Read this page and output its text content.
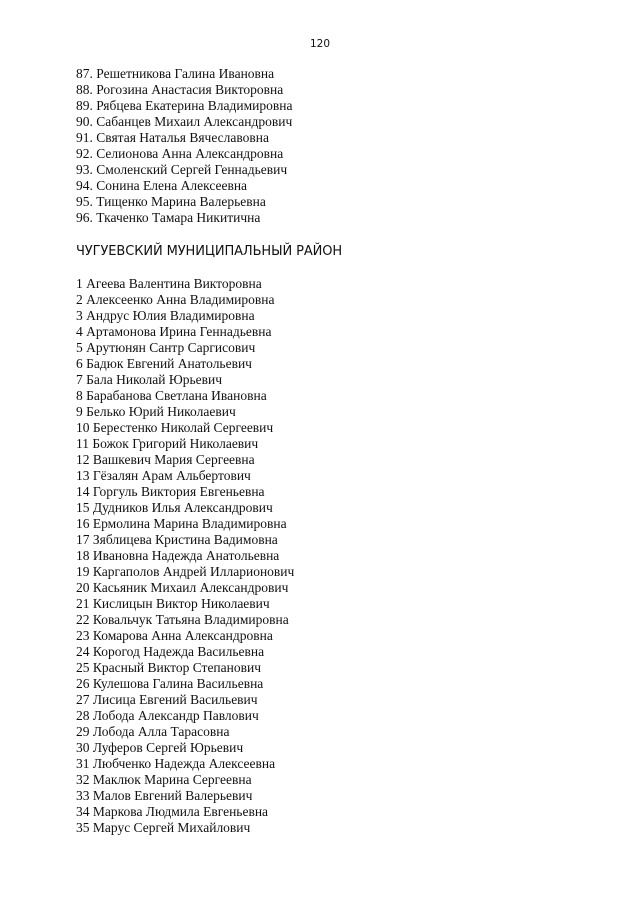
120
87. Решетникова Галина Ивановна
88. Рогозина Анастасия Викторовна
89. Рябцева Екатерина Владимировна
90. Сабанцев Михаил Александрович
91. Святая Наталья Вячеславовна
92. Селионова Анна Александровна
93. Смоленский Сергей Геннадьевич
94. Сонина Елена Алексеевна
95. Тищенко Марина Валерьевна
96. Ткаченко Тамара Никитична
ЧУГУЕВСКИЙ МУНИЦИПАЛЬНЫЙ РАЙОН
1 Агеева Валентина Викторовна
2 Алексеенко Анна Владимировна
3 Андрус Юлия Владимировна
4 Артамонова Ирина Геннадьевна
5 Арутюнян Сантр Саргисович
6 Бадюк Евгений Анатольевич
7 Бала Николай Юрьевич
8 Барабанова Светлана Ивановна
9 Белько Юрий Николаевич
10 Берестенко Николай Сергеевич
11 Божок Григорий Николаевич
12 Вашкевич Мария Сергеевна
13 Гёзалян Арам Альбертович
14 Горгуль Виктория Евгеньевна
15 Дудников Илья Александрович
16 Ермолина Марина Владимировна
17 Зяблицева Кристина Вадимовна
18 Ивановна Надежда Анатольевна
19 Каргаполов Андрей Илларионович
20 Касьяник Михаил Александрович
21 Кислицын Виктор Николаевич
22 Ковальчук Татьяна Владимировна
23 Комарова Анна Александровна
24 Корогод Надежда Васильевна
25 Красный Виктор Степанович
26 Кулешова Галина Васильевна
27 Лисица Евгений Васильевич
28 Лобода Александр Павлович
29 Лобода Алла Тарасовна
30 Луферов Сергей Юрьевич
31 Любченко Надежда Алексеевна
32 Маклюк Марина Сергеевна
33 Малов Евгений Валерьевич
34 Маркова Людмила Евгеньевна
35 Марус Сергей Михайлович
